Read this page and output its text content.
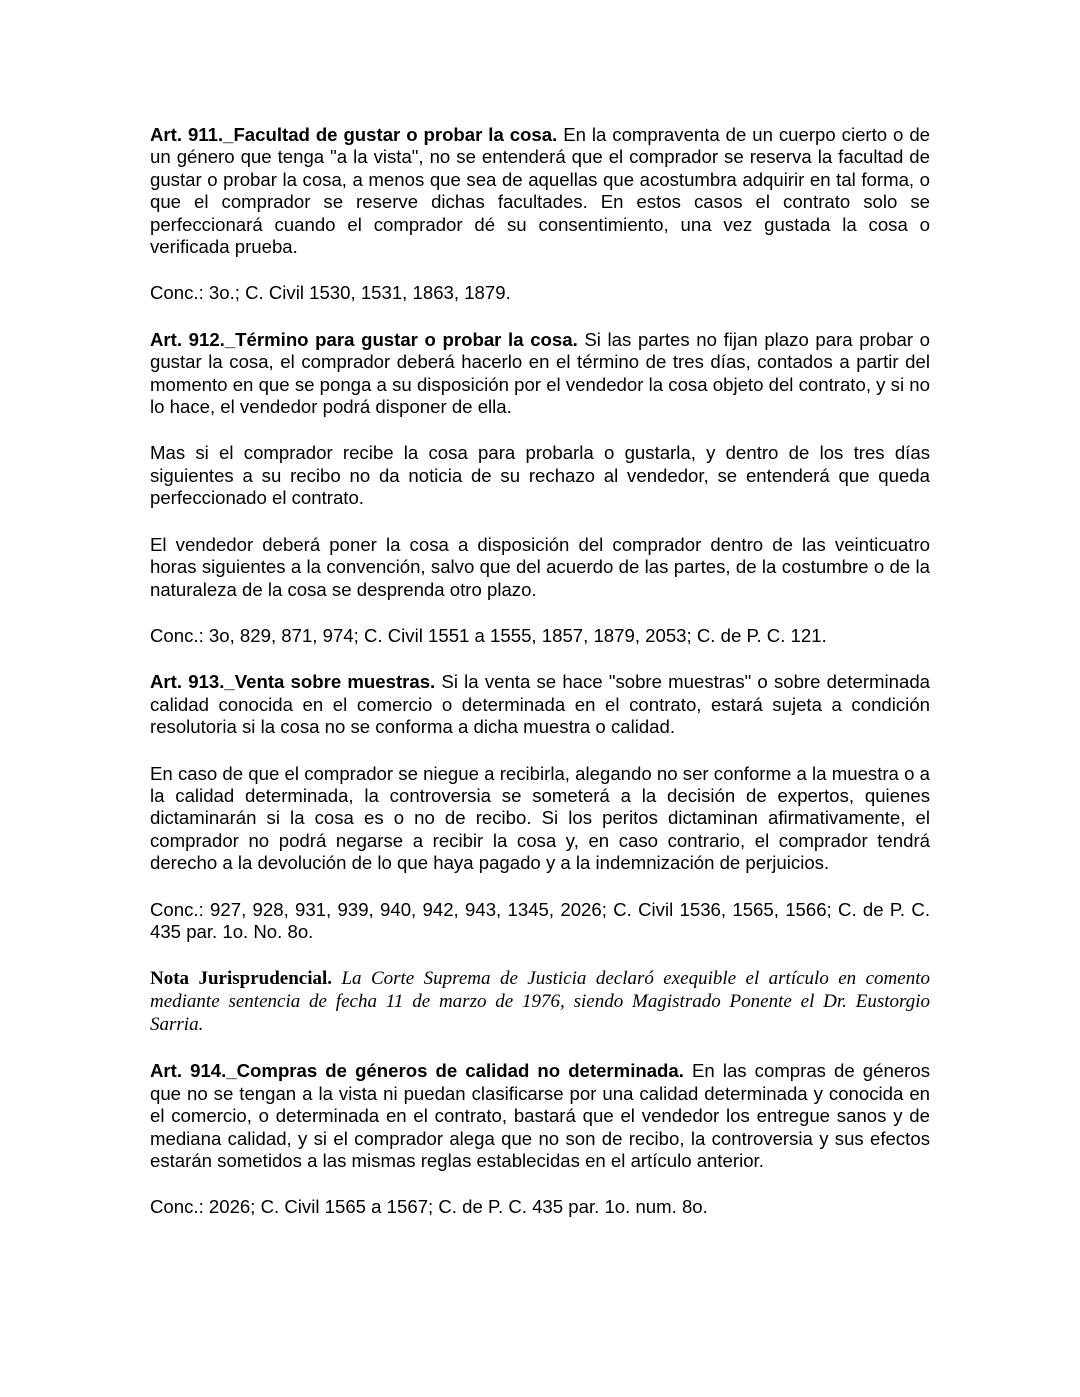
Art. 911._Facultad de gustar o probar la cosa. En la compraventa de un cuerpo cierto o de un género que tenga "a la vista", no se entenderá que el comprador se reserva la facultad de gustar o probar la cosa, a menos que sea de aquellas que acostumbra adquirir en tal forma, o que el comprador se reserve dichas facultades. En estos casos el contrato solo se perfeccionará cuando el comprador dé su consentimiento, una vez gustada la cosa o verificada prueba.

Conc.: 3o.; C. Civil 1530, 1531, 1863, 1879.

Art. 912._Término para gustar o probar la cosa. Si las partes no fijan plazo para probar o gustar la cosa, el comprador deberá hacerlo en el término de tres días, contados a partir del momento en que se ponga a su disposición por el vendedor la cosa objeto del contrato, y si no lo hace, el vendedor podrá disponer de ella.

Mas si el comprador recibe la cosa para probarla o gustarla, y dentro de los tres días siguientes a su recibo no da noticia de su rechazo al vendedor, se entenderá que queda perfeccionado el contrato.

El vendedor deberá poner la cosa a disposición del comprador dentro de las veinticuatro horas siguientes a la convención, salvo que del acuerdo de las partes, de la costumbre o de la naturaleza de la cosa se desprenda otro plazo.

Conc.: 3o, 829, 871, 974; C. Civil 1551 a 1555, 1857, 1879, 2053; C. de P. C. 121.

Art. 913._Venta sobre muestras. Si la venta se hace "sobre muestras" o sobre determinada calidad conocida en el comercio o determinada en el contrato, estará sujeta a condición resolutoria si la cosa no se conforma a dicha muestra o calidad.

En caso de que el comprador se niegue a recibirla, alegando no ser conforme a la muestra o a la calidad determinada, la controversia se someterá a la decisión de expertos, quienes dictaminarán si la cosa es o no de recibo. Si los peritos dictaminan afirmativamente, el comprador no podrá negarse a recibir la cosa y, en caso contrario, el comprador tendrá derecho a la devolución de lo que haya pagado y a la indemnización de perjuicios.

Conc.: 927, 928, 931, 939, 940, 942, 943, 1345, 2026; C. Civil 1536, 1565, 1566; C. de P. C. 435 par. 1o. No. 8o.

Nota Jurisprudencial. La Corte Suprema de Justicia declaró exequible el artículo en comento mediante sentencia de fecha 11 de marzo de 1976, siendo Magistrado Ponente el Dr. Eustorgio Sarria.

Art. 914._Compras de géneros de calidad no determinada. En las compras de géneros que no se tengan a la vista ni puedan clasificarse por una calidad determinada y conocida en el comercio, o determinada en el contrato, bastará que el vendedor los entregue sanos y de mediana calidad, y si el comprador alega que no son de recibo, la controversia y sus efectos estarán sometidos a las mismas reglas establecidas en el artículo anterior.

Conc.: 2026; C. Civil 1565 a 1567; C. de P. C. 435 par. 1o. num. 8o.
